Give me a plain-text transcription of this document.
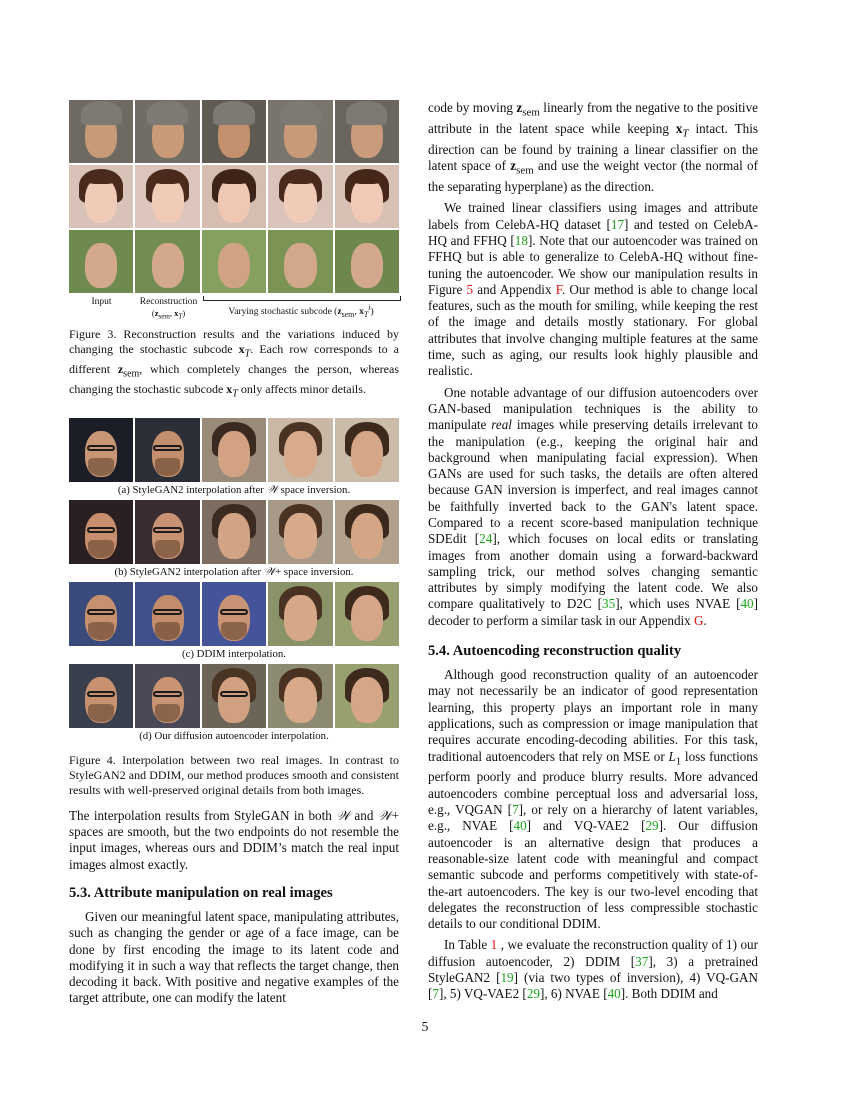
Input	Reconstruction
($z_{sem}$, $x_T$)	Varying stochastic subcode ($z_{sem}$, $x_T^i$)

Figure 3. Reconstruction results and the variations induced by changing the stochastic subcode $x_T$. Each row corresponds to a different $z_{sem}$, which completely changes the person, whereas changing the stochastic subcode $x_T$ only affects minor details.

(a) StyleGAN2 interpolation after 𝒲 space inversion.

(b) StyleGAN2 interpolation after 𝒲+ space inversion.

(c) DDIM interpolation.

(d) Our diffusion autoencoder interpolation.

Figure 4. Interpolation between two real images. In contrast to StyleGAN2 and DDIM, our method produces smooth and consistent results with well-preserved original details from both images.

The interpolation results from StyleGAN in both 𝒲 and 𝒲+ spaces are smooth, but the two endpoints do not resemble the input images, whereas ours and DDIM’s match the real input images almost exactly.

5.3. Attribute manipulation on real images

Given our meaningful latent space, manipulating attributes, such as changing the gender or age of a face image, can be done by first encoding the image to its latent code and modifying it in such a way that reflects the target change, then decoding it back. With positive and negative examples of the target attribute, one can modify the latent

code by moving $z_{sem}$ linearly from the negative to the positive attribute in the latent space while keeping $x_T$ intact. This direction can be found by training a linear classifier on the latent space of $z_{sem}$ and use the weight vector (the normal of the separating hyperplane) as the direction.

We trained linear classifiers using images and attribute labels from CelebA-HQ dataset [17] and tested on CelebA-HQ and FFHQ [18]. Note that our autoencoder was trained on FFHQ but is able to generalize to CelebA-HQ without fine-tuning the autoencoder. We show our manipulation results in Figure 5 and Appendix F. Our method is able to change local features, such as the mouth for smiling, while keeping the rest of the image and details mostly stationary. For global attributes that involve changing multiple features at the same time, such as aging, our results look highly plausible and realistic.

One notable advantage of our diffusion autoencoders over GAN-based manipulation techniques is the ability to manipulate real images while preserving details irrelevant to the manipulation (e.g., keeping the original hair and background when manipulating facial expression). When GANs are used for such tasks, the details are often altered because GAN inversion is imperfect, and real images cannot be faithfully inverted back to the GAN's latent space. Compared to a recent score-based manipulation technique SDEdit [24], which focuses on local edits or translating images from another domain using a forward-backward sampling trick, our method solves changing semantic attributes by simply modifying the latent code. We also compare qualitatively to D2C [35], which uses NVAE [40] decoder to perform a similar task in our Appendix G.

5.4. Autoencoding reconstruction quality

Although good reconstruction quality of an autoencoder may not necessarily be an indicator of good representation learning, this property plays an important role in many applications, such as compression or image manipulation that requires accurate encoding-decoding abilities. For this task, traditional autoencoders that rely on MSE or $L_1$ loss functions perform poorly and produce blurry results. More advanced autoencoders combine perceptual loss and adversarial loss, e.g., VQGAN [7], or rely on a hierarchy of latent variables, e.g., NVAE [40] and VQ-VAE2 [29]. Our diffusion autoencoder is an alternative design that produces a reasonable-size latent code with meaningful and compact semantic subcode and performs competitively with state-of-the-art autoencoders. The key is our two-level encoding that delegates the reconstruction of less compressible stochastic details to our conditional DDIM.

In Table 1 , we evaluate the reconstruction quality of 1) our diffusion autoencoder, 2) DDIM [37], 3) a pretrained StyleGAN2 [19] (via two types of inversion), 4) VQ-GAN [7], 5) VQ-VAE2 [29], 6) NVAE [40]. Both DDIM and

5
